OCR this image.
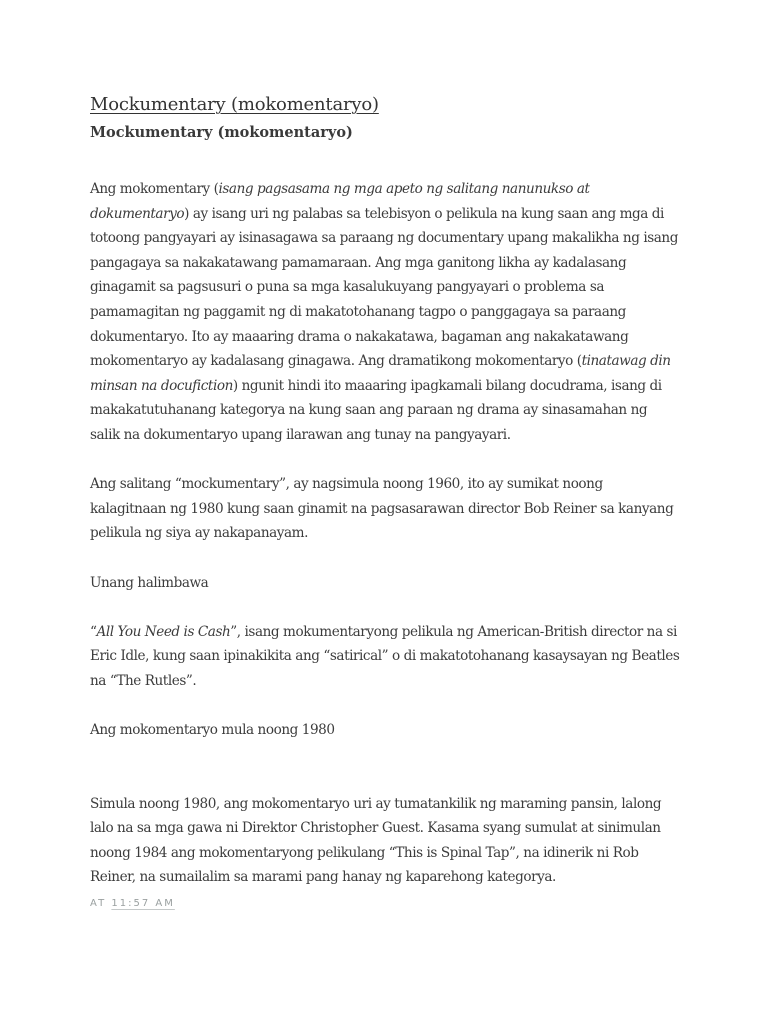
Mockumentary (mokomentaryo)
Mockumentary (mokomentaryo)

Ang mokomentary (isang pagsasama ng mga apeto ng salitang nanunukso at dokumentaryo) ay isang uri ng palabas sa telebisyon o pelikula na kung saan ang mga di totoong pangyayari ay isinasagawa sa paraang ng documentary upang makalikha ng isang pangagaya sa nakakatawang pamamaraan. Ang mga ganitong likha ay kadalasang ginagamit sa pagsusuri o puna sa mga kasalukuyang pangyayari o problema sa pamamagitan ng paggamit ng di makatotohanang tagpo o panggagaya sa paraang dokumentaryo. Ito ay maaaring drama o nakakatawa, bagaman ang nakakatawang mokomentaryo ay kadalasang ginagawa. Ang dramatikong mokomentaryo (tinatawag din minsan na docufiction) ngunit hindi ito maaaring ipagkamali bilang docudrama, isang di makakatutuhanang kategorya na kung saan ang paraan ng drama ay sinasamahan ng salik na dokumentaryo upang ilarawan ang tunay na pangyayari.

Ang salitang “mockumentary”, ay nagsimula noong 1960, ito ay sumikat noong kalagitnaan ng 1980 kung saan ginamit na pagsasarawan director Bob Reiner sa kanyang pelikula ng siya ay nakapanayam.

Unang halimbawa

“All You Need is Cash”, isang mokumentaryong pelikula ng American-British director na si Eric Idle, kung saan ipinakikita ang “satirical” o di makatotohanang kasaysayan ng Beatles na “The Rutles”.

Ang mokomentaryo mula noong 1980

Simula noong 1980, ang mokomentaryo uri ay tumatankilik ng maraming pansin, lalong lalo na sa mga gawa ni Direktor Christopher Guest. Kasama syang sumulat at sinimulan noong 1984 ang mokomentaryong pelikulang “This is Spinal Tap”, na idinerik ni Rob Reiner, na sumailalim sa marami pang hanay ng kaparehong kategorya.

AT 11:57 AM
